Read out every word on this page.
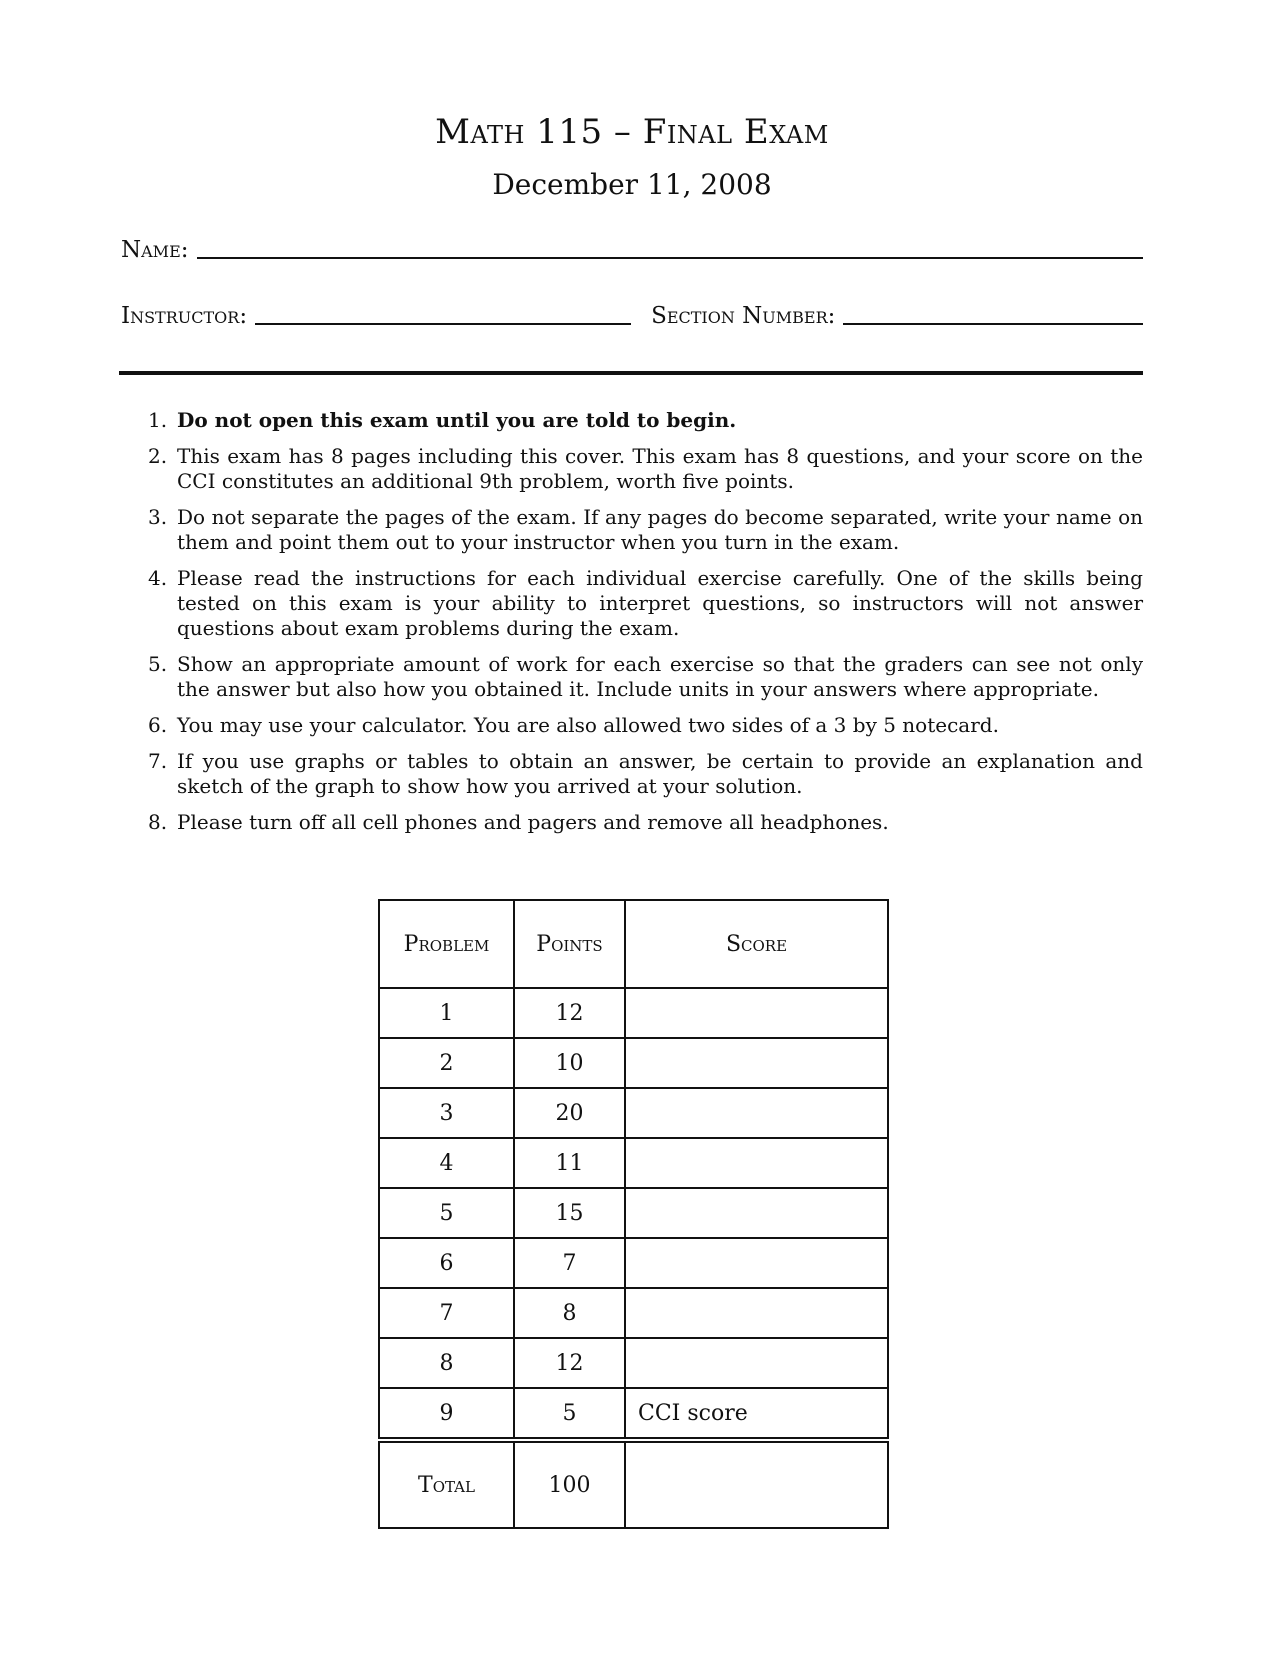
Math 115 – Final Exam
December 11, 2008
Name:
Instructor:	Section Number:
1. Do not open this exam until you are told to begin.
2. This exam has 8 pages including this cover. This exam has 8 questions, and your score on the CCI constitutes an additional 9th problem, worth five points.
3. Do not separate the pages of the exam. If any pages do become separated, write your name on them and point them out to your instructor when you turn in the exam.
4. Please read the instructions for each individual exercise carefully. One of the skills being tested on this exam is your ability to interpret questions, so instructors will not answer questions about exam problems during the exam.
5. Show an appropriate amount of work for each exercise so that the graders can see not only the answer but also how you obtained it. Include units in your answers where appropriate.
6. You may use your calculator. You are also allowed two sides of a 3 by 5 notecard.
7. If you use graphs or tables to obtain an answer, be certain to provide an explanation and sketch of the graph to show how you arrived at your solution.
8. Please turn off all cell phones and pagers and remove all headphones.
Problem	Points	Score
1	12	
2	10	
3	20	
4	11	
5	15	
6	7	
7	8	
8	12	
9	5	CCI score
Total	100	
